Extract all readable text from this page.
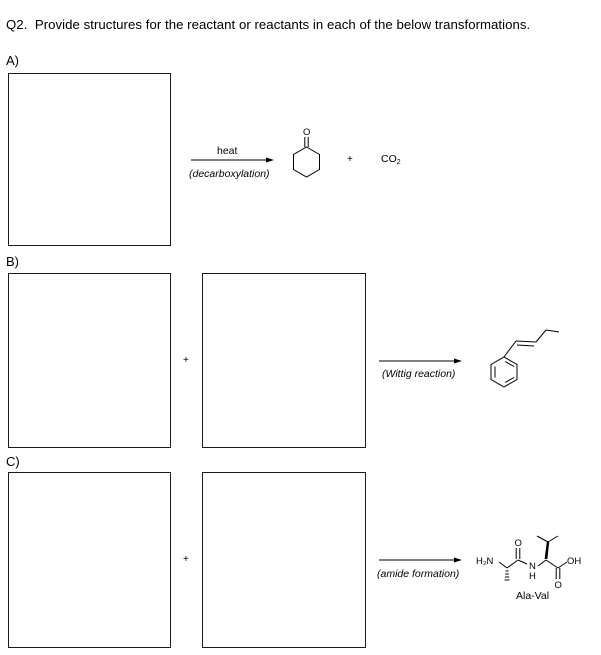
Q2. Provide structures for the reactant or reactants in each of the below transformations.
A)
heat
(decarboxylation)
O
+	$CO_2$
B)
+
(Wittig reaction)
C)
+
(amide formation)
H₂N
O
N
H
O
OH
Ala-Val
